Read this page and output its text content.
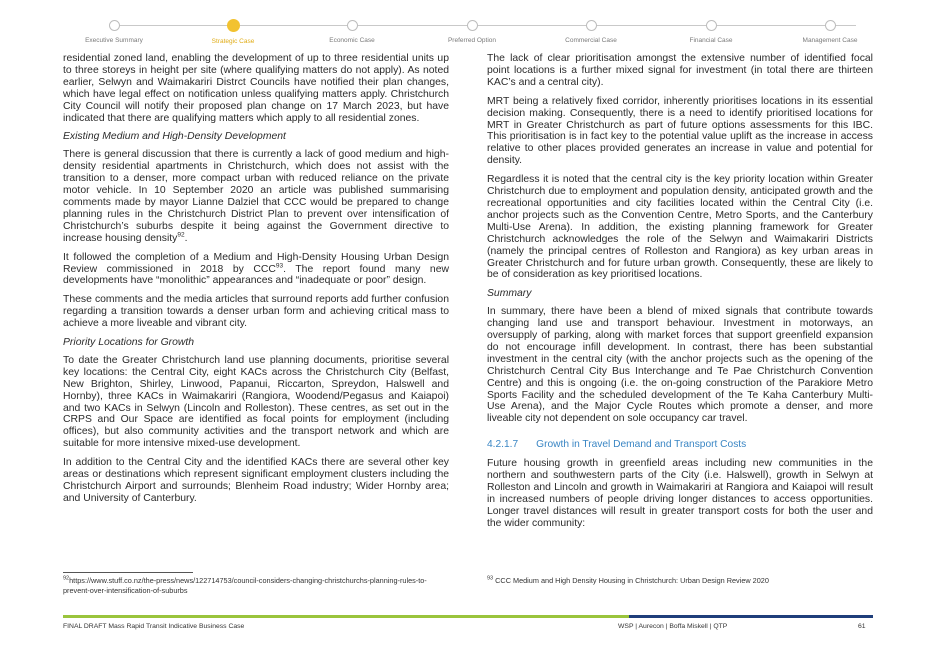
Executive Summary	Strategic Case	Economic Case	Preferred Option	Commercial Case	Financial Case	Management Case

residential zoned land, enabling the development of up to three residential units up to three storeys in height per site (where qualifying matters do not apply). As noted earlier, Selwyn and Waimakariri Distrct Councils have notified their plan changes, which have legal effect on notification unless qualifying matters apply. Christchurch City Council will notify their proposed plan change on 17 March 2023, but have indicated that there are qualifying matters which apply to all residential zones.

Existing Medium and High-Density Development

There is general discussion that there is currently a lack of good medium and high-density residential apartments in Christchurch, which does not assist with the transition to a denser, more compact urban with reduced reliance on the private motor vehicle. In 10 September 2020 an article was published summarising comments made by mayor Lianne Dalziel that CCC would be prepared to change planning rules in the Christchurch District Plan to prevent over intensification of Christchurch’s suburbs despite it being against the Government directive to increase housing density$^{92}$.

It followed the completion of a Medium and High-Density Housing Urban Design Review commissioned in 2018 by CCC$^{93}$. The report found many new developments have “monolithic” appearances and “inadequate or poor” design.

These comments and the media articles that surround reports add further confusion regarding a transition towards a denser urban form and achieving critical mass to achieve a more liveable and vibrant city.

Priority Locations for Growth

To date the Greater Christchurch land use planning documents, prioritise several key locations: the Central City, eight KACs across the Christchurch City (Belfast, New Brighton, Shirley, Linwood, Papanui, Riccarton, Spreydon, Halswell and Hornby), three KACs in Waimakariri (Rangiora, Woodend/Pegasus and Kaiapoi) and two KACs in Selwyn (Lincoln and Rolleston). These centres, as set out in the CRPS and Our Space are identified as focal points for employment (including offices), but also community activities and the transport network and which are suitable for more intensive mixed-use development.

In addition to the Central City and the identified KACs there are several other key areas or destinations which represent significant employment clusters including the Christchurch Airport and surrounds; Blenheim Road industry; Wider Hornby area; and University of Canterbury.

The lack of clear prioritisation amongst the extensive number of identified focal point locations is a further mixed signal for investment (in total there are thirteen KAC’s and a central city).

MRT being a relatively fixed corridor, inherently prioritises locations in its essential decision making. Consequently, there is a need to identify prioritised locations for MRT in Greater Christchurch as part of future options assessments for this IBC. This prioritisation is in fact key to the potential value uplift as the increase in access relative to other places provided generates an increase in value and potential for density.

Regardless it is noted that the central city is the key priority location within Greater Christchurch due to employment and population density, anticipated growth and the recreational opportunities and city facilities located within the Central City (i.e. anchor projects such as the Convention Centre, Metro Sports, and the Canterbury Multi-Use Arena). In addition, the existing planning framework for Greater Christchurch acknowledges the role of the Selwyn and Waimakariri Districts (namely the principal centres of Rolleston and Rangiora) as key urban areas in Greater Christchurch and for future urban growth. Consequently, these are likely to be of consideration as key prioritised locations.

Summary

In summary, there have been a blend of mixed signals that contribute towards changing land use and transport behaviour. Investment in motorways, an oversupply of parking, along with market forces that support greenfield expansion do not encourage infill development. In contrast, there has been substantial investment in the central city (with the anchor projects such as the opening of the Christchurch Central City Bus Interchange and Te Pae Christchurch Convention Centre) and this is ongoing (i.e. the on-going construction of the Parakiore Metro Sports Facility and the scheduled development of the Te Kaha Canterbury Multi-Use Arena), and the Major Cycle Routes which promote a denser, and more liveable city not dependent on sole occupancy car travel.

4.2.1.7 Growth in Travel Demand and Transport Costs

Future housing growth in greenfield areas including new communities in the northern and southwestern parts of the City (i.e. Halswell), growth in Selwyn at Rolleston and Lincoln and growth in Waimakariri at Rangiora and Kaiapoi will result in increased numbers of people driving longer distances to access opportunities. Longer travel distances will result in greater transport costs for both the user and the wider community:

$^{92}$https://www.stuff.co.nz/the-press/news/122714753/council-considers-changing-christchurchs-planning-rules-to-prevent-over-intensification-of-suburbs
$^{93}$ CCC Medium and High Density Housing in Christchurch: Urban Design Review 2020
FINAL DRAFT Mass Rapid Transit Indicative Business Case	WSP | Aurecon | Boffa Miskell | QTP	61
